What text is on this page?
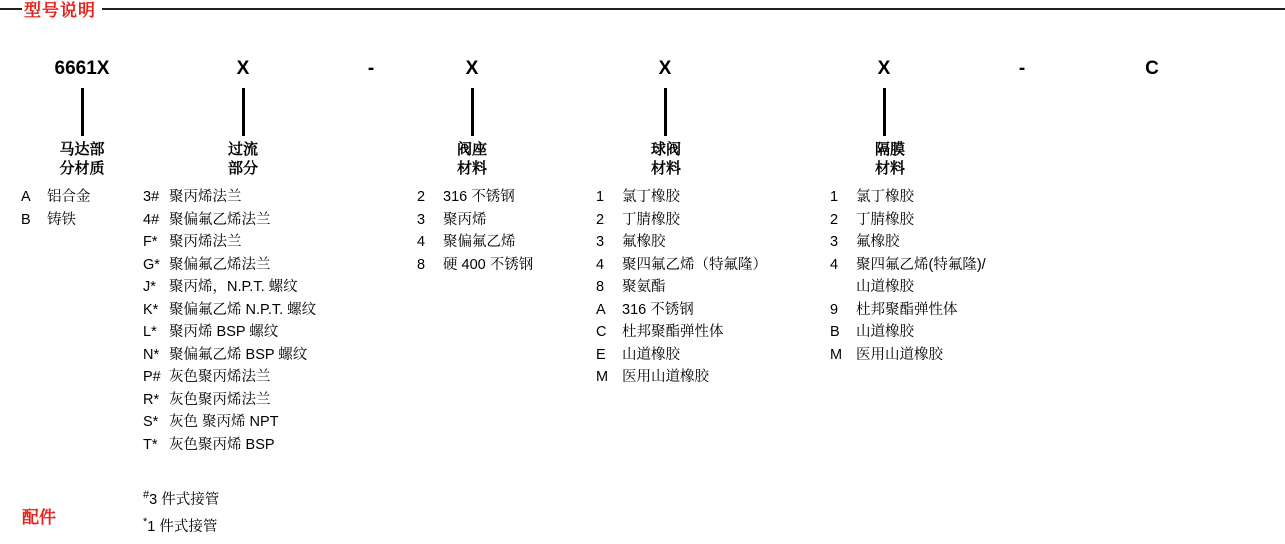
型号说明
6661X	X	-	X	X	X	-	C
马达部
分材质
A	铝合金
B	铸铁
过流
部分
3# 聚丙烯法兰
4# 聚偏氟乙烯法兰
F* 聚丙烯法兰
G* 聚偏氟乙烯法兰
J* 聚丙烯，N.P.T. 螺纹
K* 聚偏氟乙烯 N.P.T. 螺纹
L* 聚丙烯 BSP 螺纹
N* 聚偏氟乙烯 BSP 螺纹
P# 灰色聚丙烯法兰
R* 灰色聚丙烯法兰
S* 灰色 聚丙烯 NPT
T* 灰色聚丙烯 BSP
阀座
材料
2	316 不锈钢
3	聚丙烯
4	聚偏氟乙烯
8	硬 400 不锈钢
球阀
材料
1	氯丁橡胶
2	丁腈橡胶
3	氟橡胶
4	聚四氟乙烯（特氟隆）
8	聚氨酯
A	316 不锈钢
C	杜邦聚酯弹性体
E	山道橡胶
M 医用山道橡胶
隔膜
材料
1	氯丁橡胶
2	丁腈橡胶
3	氟橡胶
4	聚四氟乙烯(特氟隆)/
山道橡胶
9	杜邦聚酯弹性体
B	山道橡胶
M 医用山道橡胶
#3 件式接管
*1 件式接管
配件
